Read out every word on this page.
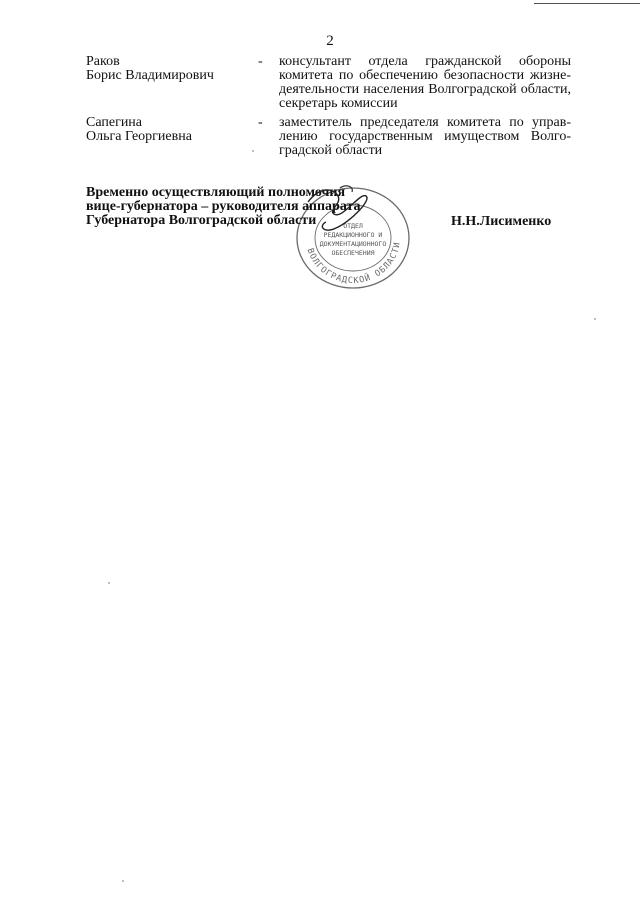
2
Раков
Борис Владимирович
- консультант отдела гражданской обороны
комитета по обеспечению безопасности жизне-
деятельности населения Волгоградской области,
секретарь комиссии
Сапегина
Ольга Георгиевна
- заместитель председателя комитета по управ-
лению государственным имуществом Волго-
градской области
ВОЛГОГРАДСКОЙ ОБЛАСТИ
ОТДЕЛ
РЕДАКЦИОННОГО И
ДОКУМЕНТАЦИОННОГО
ОБЕСПЕЧЕНИЯ
Временно осуществляющий полномочия
вице-губернатора – руководителя аппарата
Губернатора Волгоградской области	Н.Н.Лисименко
